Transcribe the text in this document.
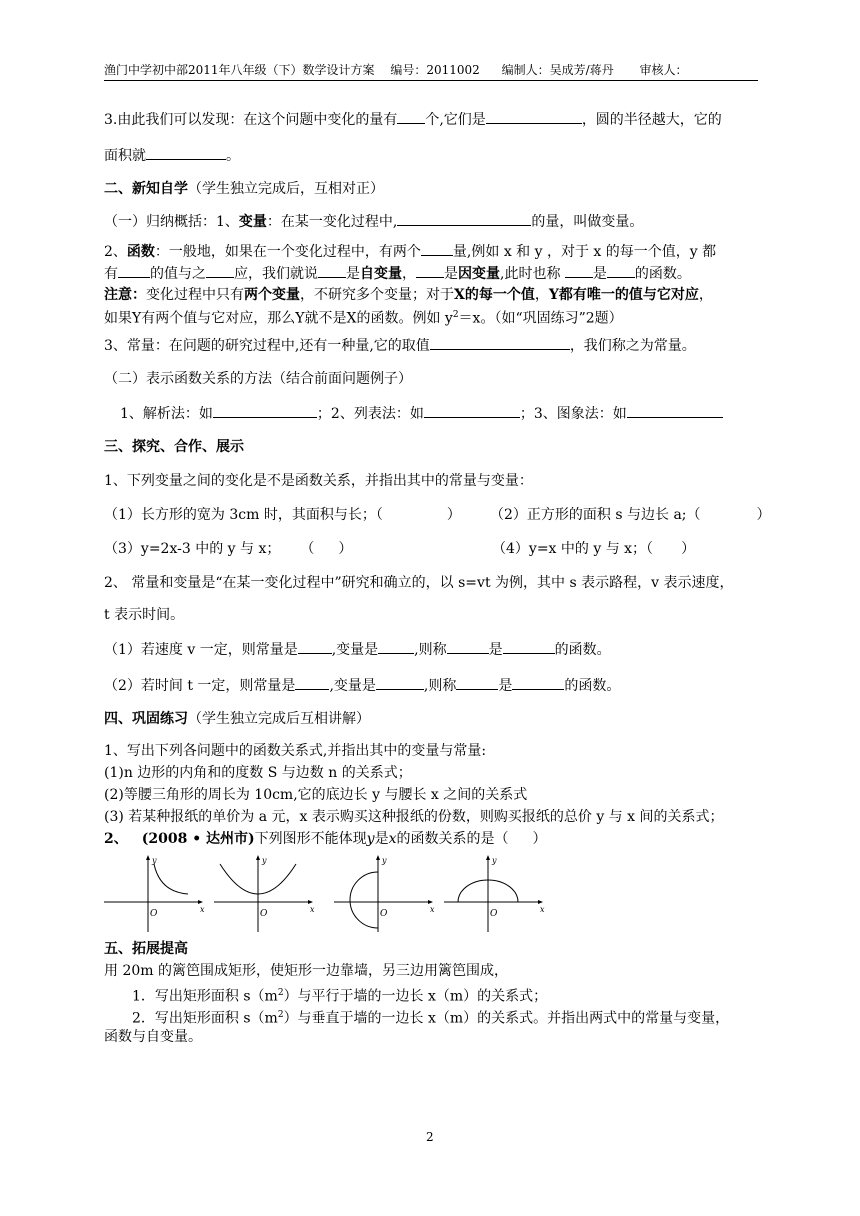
渔门中学初中部2011年八年级（下）数学设计方案 编号：2011002 编制人：吴成芳/蒋丹 审核人：
3.由此我们可以发现：在这个问题中变化的量有 个,它们是	，圆的半径越大，它的
面积就	。
二、新知自学（学生独立完成后，互相对正）
（一）归纳概括：1、变量：在某一变化过程中,	的量，叫做变量。
2、函数：一般地，如果在一个变化过程中，有两个 量,例如 x 和 y ，对于 x 的每一个值，y 都
有 的值与之 应，我们就说 是自变量， 是因变量,此时也称 是 的函数。
注意：变化过程中只有两个变量，不研究多个变量；对于X的每一个值，Y都有唯一的值与它对应，
如果Y有两个值与它对应，那么Y就不是X的函数。例如 $y^2=x$。（如“巩固练习”2题）
3、常量：在问题的研究过程中,还有一种量,它的取值	，我们称之为常量。
（二）表示函数关系的方法（结合前面问题例子）
1、解析法：如	；2、列表法：如	；3、图象法：如
三、探究、合作、展示
1、下列变量之间的变化是不是函数关系，并指出其中的常量与变量：
（1）长方形的宽为 3cm 时，其面积与长；（	） （2）正方形的面积 s 与边长 a;（	）
（3）y=2x-3 中的 y 与 x； （ ）	（4）y=x 中的 y 与 x；（ ）
2、 常量和变量是“在某一变化过程中”研究和确立的，以 s=vt 为例，其中 s 表示路程，v 表示速度，
t 表示时间。
（1）若速度 v 一定，则常量是 ,变量是	,则称	是	的函数。
（2）若时间 t 一定，则常量是 ,变量是	,则称	是	的函数。
四、巩固练习（学生独立完成后互相讲解）
1、写出下列各问题中的函数关系式,并指出其中的变量与常量:
(1)n 边形的内角和的度数 S 与边数 n 的关系式；
(2)等腰三角形的周长为 10cm,它的底边长 y 与腰长 x 之间的关系式
(3) 若某种报纸的单价为 a 元，x 表示购买这种报纸的份数，则购买报纸的总价 y 与 x 间的关系式；
2、 (2008 • 达州市)下列图形不能体现y是x的函数关系的是（ ）
y
x
O
y
x
O
y
x
O
y
x
O
五、拓展提高
用 20m 的篱笆围成矩形，使矩形一边靠墙，另三边用篱笆围成，
1．写出矩形面积 $s(m^2)$与平行于墙的一边长 x（m）的关系式；
2．写出矩形面积 $s(m^2)$与垂直于墙的一边长 x（m）的关系式。并指出两式中的常量与变量，
函数与自变量。
2
